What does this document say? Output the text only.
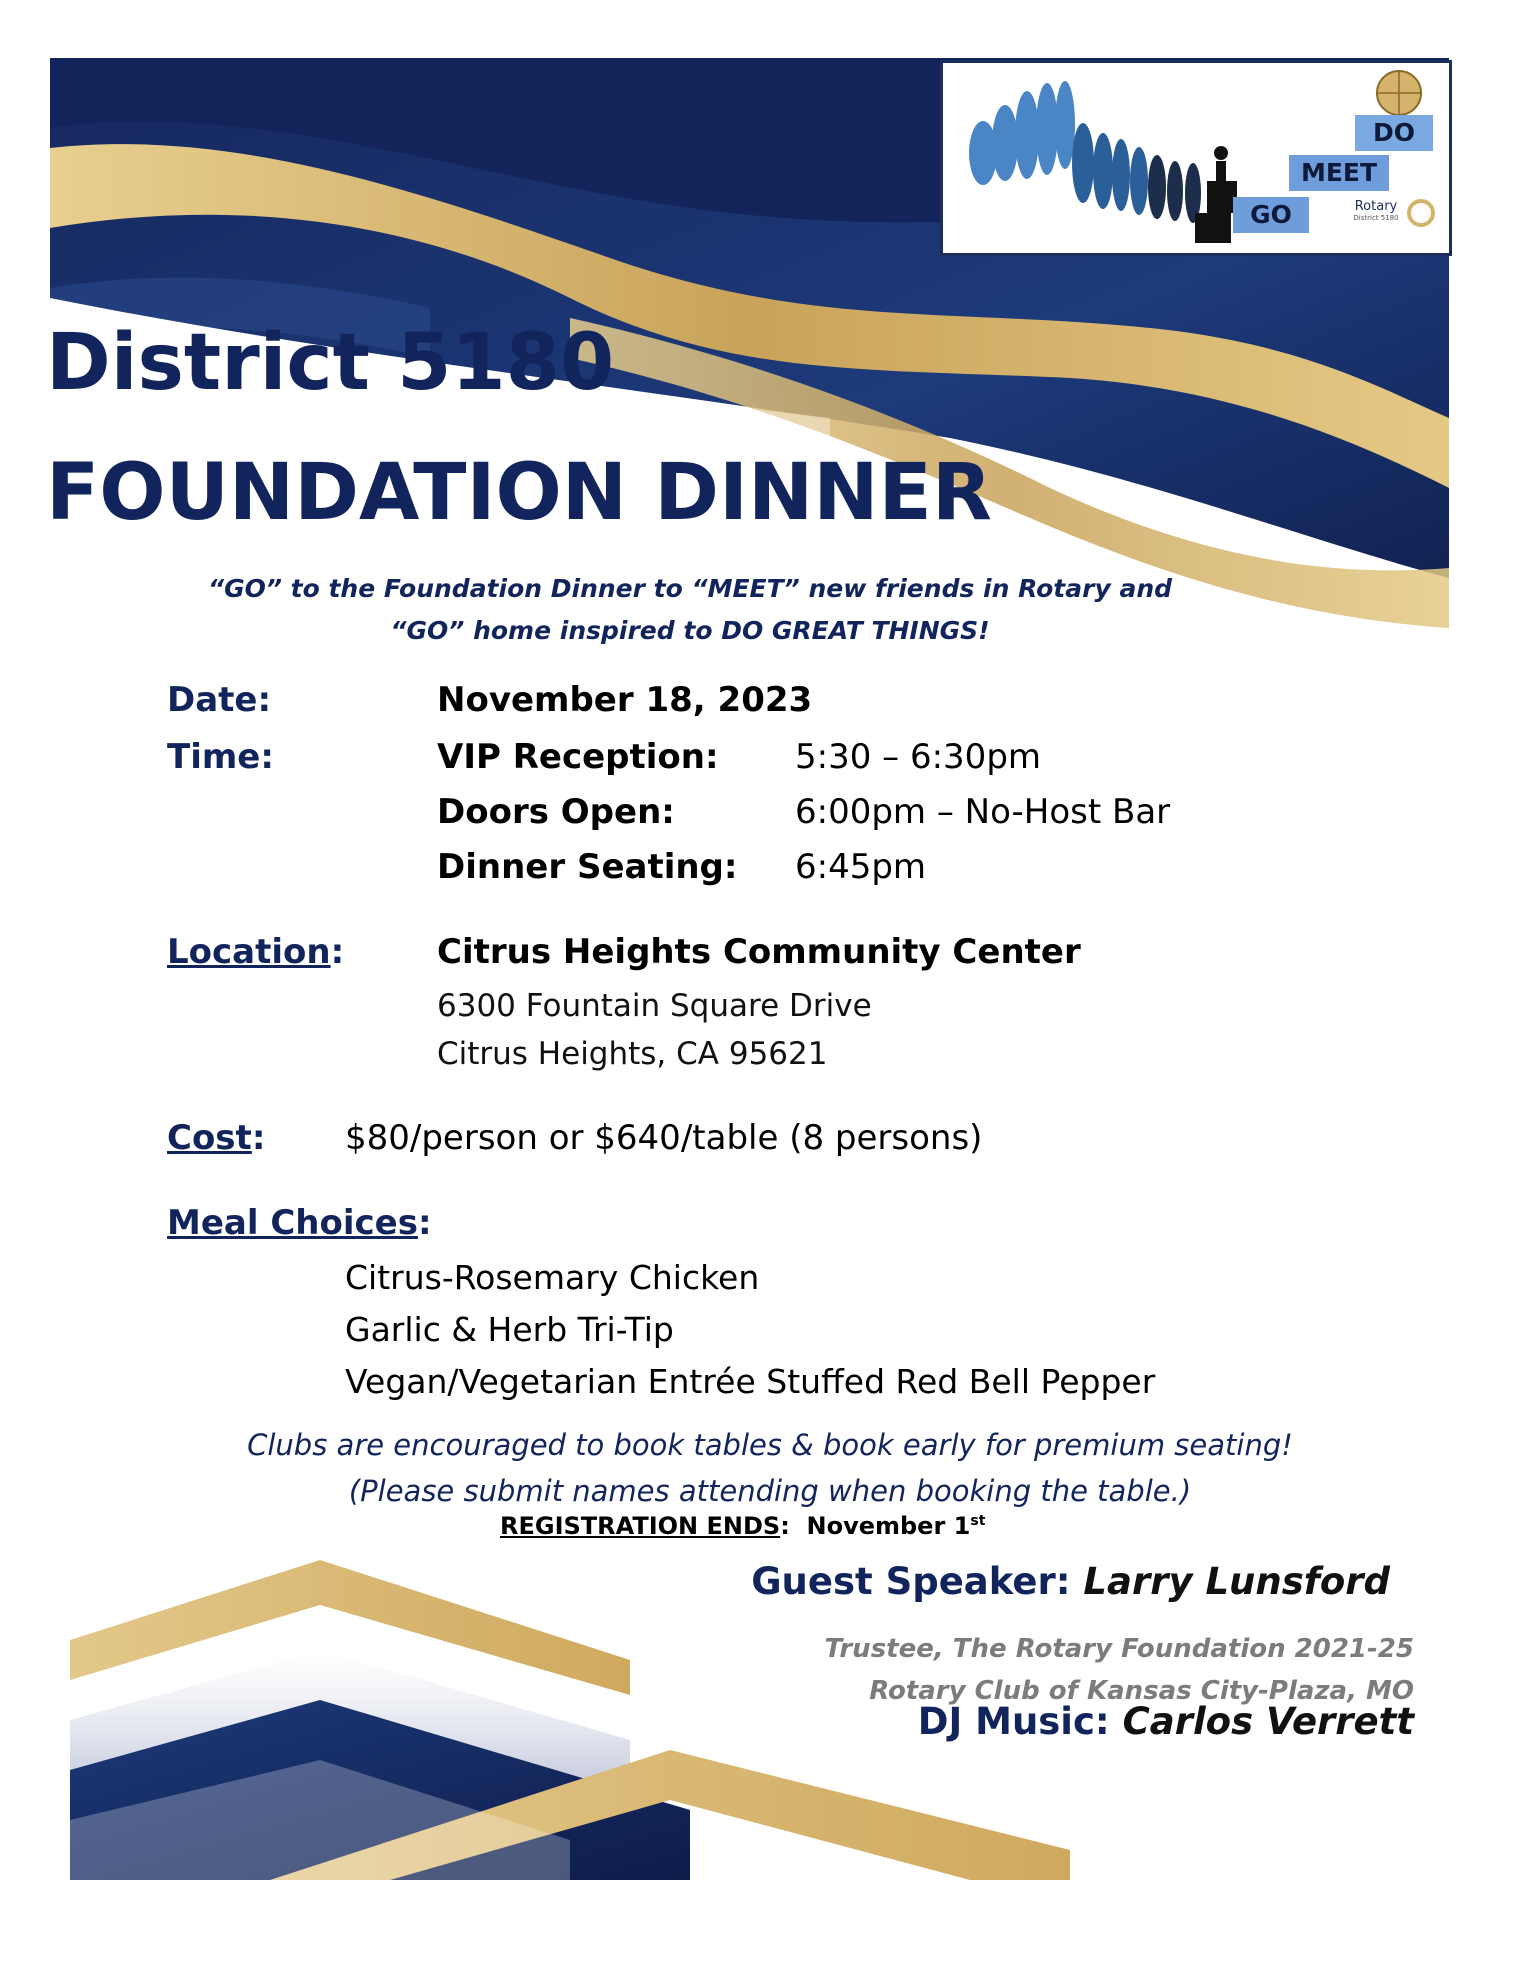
DO
MEET
GO	Rotary
District 5180
District 5180
FOUNDATION DINNER
“GO” to the Foundation Dinner to “MEET” new friends in Rotary and
“GO” home inspired to DO GREAT THINGS!
Date:	November 18, 2023
Time:	VIP Reception: 5:30 – 6:30pm
Doors Open:	6:00pm – No-Host Bar
Dinner Seating: 6:45pm
Location:	Citrus Heights Community Center
6300 Fountain Square Drive
Citrus Heights, CA 95621
Cost: $80/person or $640/table (8 persons)
Meal Choices:
Citrus-Rosemary Chicken
Garlic & Herb Tri-Tip
Vegan/Vegetarian Entrée Stuffed Red Bell Pepper
Clubs are encouraged to book tables & book early for premium seating!
(Please submit names attending when booking the table.)
REGISTRATION ENDS:  November 1st
Guest Speaker: Larry Lunsford
Trustee, The Rotary Foundation 2021-25
Rotary Club of Kansas City-Plaza, MO
DJ Music: Carlos Verrett
